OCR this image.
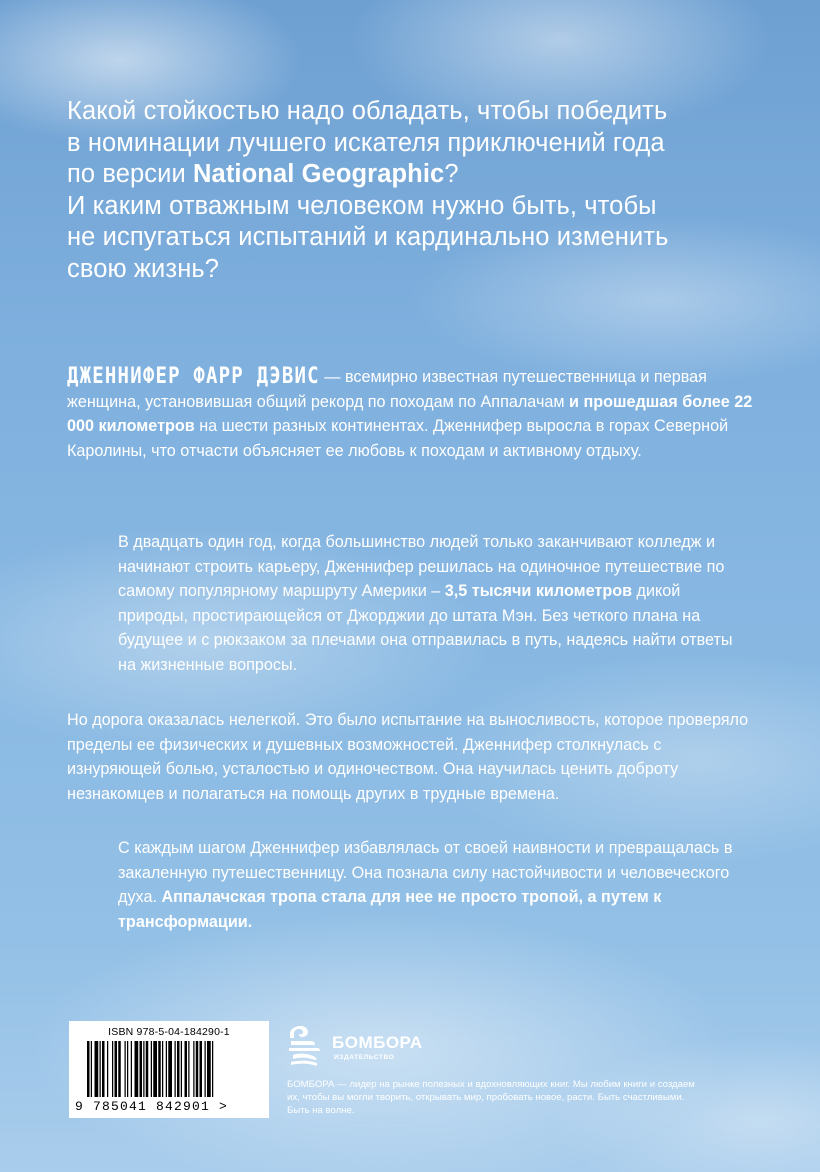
Какой стойкостью надо обладать, чтобы победить
в номинации лучшего искателя приключений года
по версии National Geographic?
И каким отважным человеком нужно быть, чтобы
не испугаться испытаний и кардинально изменить
свою жизнь?
ДЖЕННИФЕР ФАРР ДЭВИС — всемирно известная путешественница и первая женщина, установившая общий рекорд по походам по Аппалачам и прошедшая более 22 000 километров на шести разных континентах. Дженнифер выросла в горах Северной Каролины, что отчасти объясняет ее любовь к походам и активному отдыху.
В двадцать один год, когда большинство людей только заканчивают колледж и начинают строить карьеру, Дженнифер решилась на одиночное путешествие по самому популярному маршруту Америки – 3,5 тысячи километров дикой природы, простирающейся от Джорджии до штата Мэн. Без четкого плана на будущее и с рюкзаком за плечами она отправилась в путь, надеясь найти ответы на жизненные вопросы.
Но дорога оказалась нелегкой. Это было испытание на выносливость, которое проверяло пределы ее физических и душевных возможностей. Дженнифер столкнулась с изнуряющей болью, усталостью и одиночеством. Она научилась ценить доброту незнакомцев и полагаться на помощь других в трудные времена.
С каждым шагом Дженнифер избавлялась от своей наивности и превращалась в закаленную путешественницу. Она познала силу настойчивости и человеческого духа. Аппалачская тропа стала для нее не просто тропой, а путем к трансформации.
ISBN 978-5-04-184290-1
9 785041 842901 >
БОМБОРА
ИЗДАТЕЛЬСТВО
БОМБОРА — лидер на рынке полезных и вдохновляющих книг. Мы любим книги и создаем их, чтобы вы могли творить, открывать мир, пробовать новое, расти. Быть счастливыми. Быть на волне.
